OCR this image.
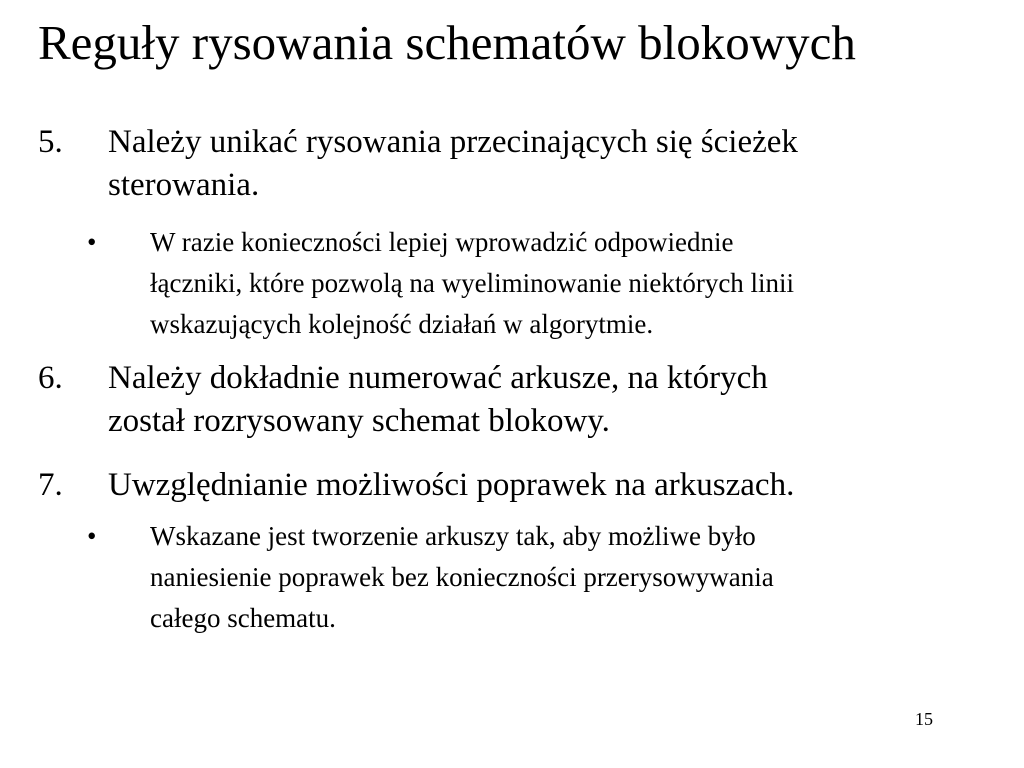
Reguły rysowania schematów blokowych
5. Należy unikać rysowania przecinających się ścieżek
sterowania.
• W razie konieczności lepiej wprowadzić odpowiednie
łączniki, które pozwolą na wyeliminowanie niektórych linii
wskazujących kolejność działań w algorytmie.
6. Należy dokładnie numerować arkusze, na których
został rozrysowany schemat blokowy.
7. Uwzględnianie możliwości poprawek na arkuszach.
• Wskazane jest tworzenie arkuszy tak, aby możliwe było
naniesienie poprawek bez konieczności przerysowywania
całego schematu.
15
